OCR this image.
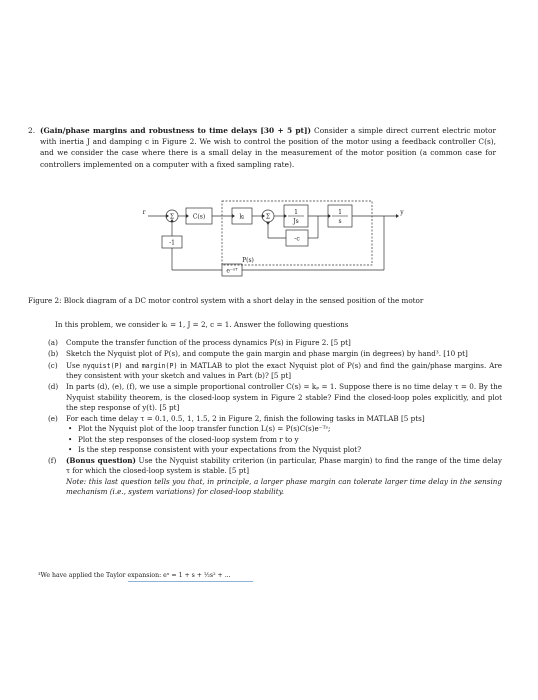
2. (Gain/phase margins and robustness to time delays [30 + 5 pt]) Consider a simple direct current electric motor with inertia J and damping c in Figure 2. We wish to control the position of the motor using a feedback controller C(s), and we consider the case where there is a small delay in the measurement of the motor position (a common case for controllers implemented on a computer with a fixed sampling rate).
r	y
Σ	Σ
C(s)	kₗ
1
Js
1
s
-c
-1
P(s)
e⁻ˢᵀ
Figure 2: Block diagram of a DC motor control system with a short delay in the sensed position of the motor
In this problem, we consider kₗ = 1, J = 2, c = 1. Answer the following questions
(a) Compute the transfer function of the process dynamics P(s) in Figure 2. [5 pt]
(b) Sketch the Nyquist plot of P(s), and compute the gain margin and phase margin (in degrees) by hand³. [10 pt]
(c) Use nyquist(P) and margin(P) in MATLAB to plot the exact Nyquist plot of P(s) and find the gain/phase margins. Are they consistent with your sketch and values in Part (b)? [5 pt]
(d) In parts (d), (e), (f), we use a simple proportional controller C(s) = kₚ = 1. Suppose there is no time delay τ = 0. By the Nyquist stability theorem, is the closed-loop system in Figure 2 stable? Find the closed-loop poles explicitly, and plot the step response of y(t). [5 pt]
(e) For each time delay τ = 0.1, 0.5, 1, 1.5, 2 in Figure 2, finish the following tasks in MATLAB [5 pts]
• Plot the Nyquist plot of the loop transfer function L(s) = P(s)C(s)e⁻ᵀˢ;
• Plot the step responses of the closed-loop system from r to y
• Is the step response consistent with your expectations from the Nyquist plot?
(f) (Bonus question) Use the Nyquist stability criterion (in particular, Phase margin) to find the range of the time delay τ for which the closed-loop system is stable. [5 pt]
Note: this last question tells you that, in principle, a larger phase margin can tolerate larger time delay in the sensing mechanism (i.e., system variations) for closed-loop stability.
³We have applied the Taylor expansion: eˣ = 1 + s + ½s² + ...
